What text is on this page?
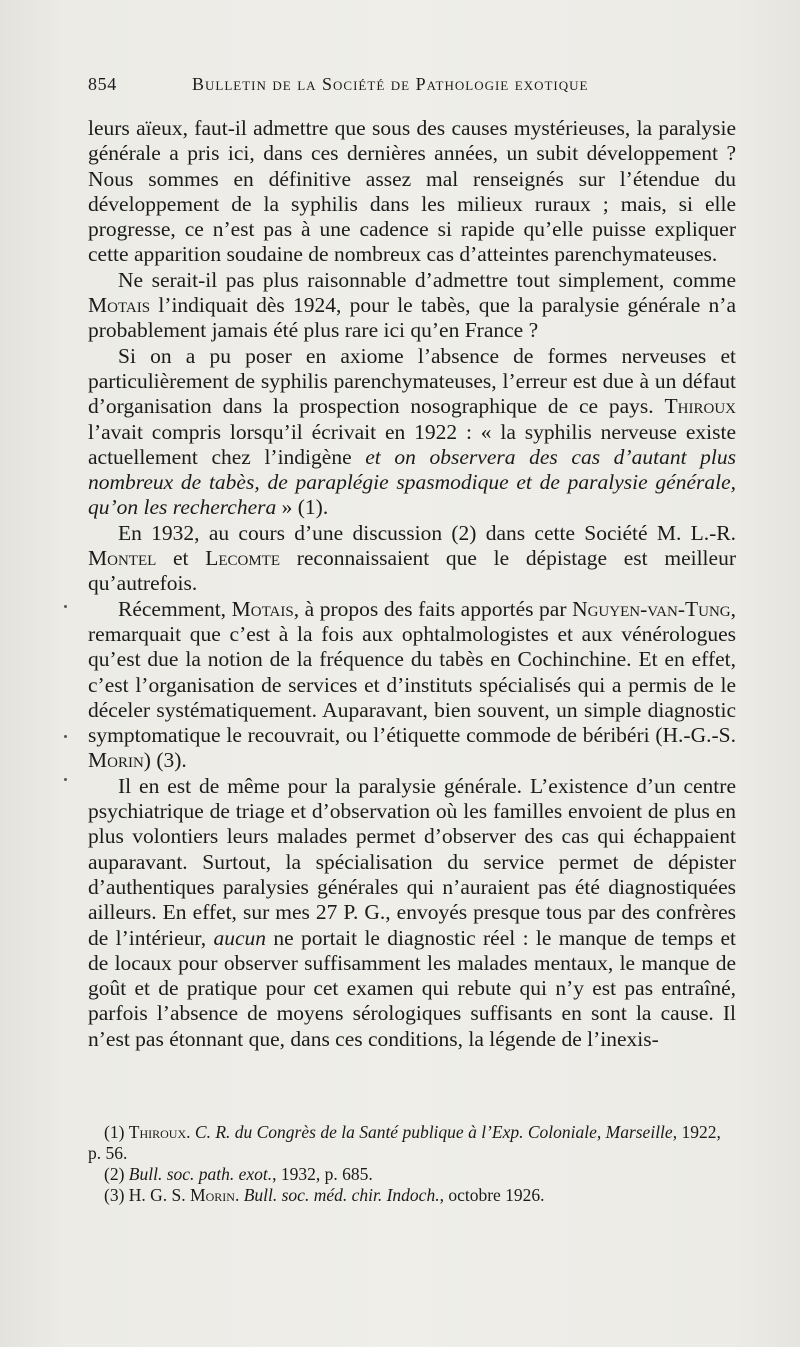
854	Bulletin de la Société de Pathologie exotique

leurs aïeux, faut-il admettre que sous des causes mystérieuses, la paralysie générale a pris ici, dans ces dernières années, un subit développement ? Nous sommes en définitive assez mal renseignés sur l’étendue du développement de la syphilis dans les milieux ruraux ; mais, si elle progresse, ce n’est pas à une cadence si rapide qu’elle puisse expliquer cette apparition soudaine de nombreux cas d’atteintes parenchymateuses.

Ne serait-il pas plus raisonnable d’admettre tout simplement, comme Motais l’indiquait dès 1924, pour le tabès, que la paralysie générale n’a probablement jamais été plus rare ici qu’en France ?

Si on a pu poser en axiome l’absence de formes nerveuses et particulièrement de syphilis parenchymateuses, l’erreur est due à un défaut d’organisation dans la prospection nosographique de ce pays. Thiroux l’avait compris lorsqu’il écrivait en 1922 : « la syphilis nerveuse existe actuellement chez l’indigène et on observera des cas d’autant plus nombreux de tabès, de paraplégie spasmodique et de paralysie générale, qu’on les recherchera » (1).

En 1932, au cours d’une discussion (2) dans cette Société M. L.-R. Montel et Lecomte reconnaissaient que le dépistage est meilleur qu’autrefois.

Récemment, Motais, à propos des faits apportés par Nguyen-van-Tung, remarquait que c’est à la fois aux ophtalmologistes et aux vénérologues qu’est due la notion de la fréquence du tabès en Cochinchine. Et en effet, c’est l’organisation de services et d’instituts spécialisés qui a permis de le déceler systématiquement. Auparavant, bien souvent, un simple diagnostic symptomatique le recouvrait, ou l’étiquette commode de béribéri (H.-G.-S. Morin) (3).

Il en est de même pour la paralysie générale. L’existence d’un centre psychiatrique de triage et d’observation où les familles envoient de plus en plus volontiers leurs malades permet d’observer des cas qui échappaient auparavant. Surtout, la spécialisation du service permet de dépister d’authentiques paralysies générales qui n’auraient pas été diagnostiquées ailleurs. En effet, sur mes 27 P. G., envoyés presque tous par des confrères de l’intérieur, aucun ne portait le diagnostic réel : le manque de temps et de locaux pour observer suffisamment les malades mentaux, le manque de goût et de pratique pour cet examen qui rebute qui n’y est pas entraîné, parfois l’absence de moyens sérologiques suffisants en sont la cause. Il n’est pas étonnant que, dans ces conditions, la légende de l’inexis-

(1) Thiroux. C. R. du Congrès de la Santé publique à l’Exp. Coloniale, Marseille, 1922, p. 56.

(2) Bull. soc. path. exot., 1932, p. 685.

(3) H. G. S. Morin. Bull. soc. méd. chir. Indoch., octobre 1926.
